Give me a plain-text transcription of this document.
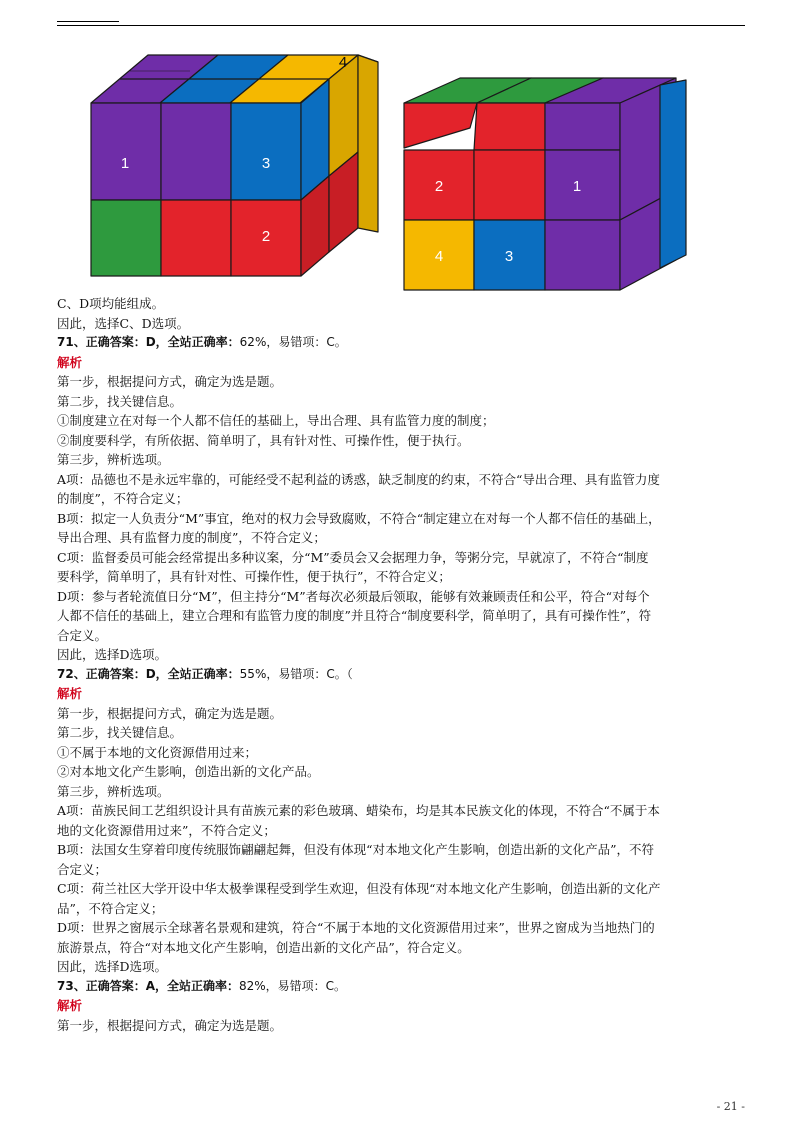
1	3
2
4
2	1
4	3

C、D项均能组成。

因此，选择C、D选项。

71、正确答案：D，全站正确率：62%，易错项：C。

解析

第一步，根据提问方式，确定为选是题。

第二步，找关键信息。

①制度建立在对每一个人都不信任的基础上，导出合理、具有监管力度的制度；

②制度要科学，有所依据、简单明了，具有针对性、可操作性，便于执行。

第三步，辨析选项。

A项：品德也不是永远牢靠的，可能经受不起利益的诱惑，缺乏制度的约束，不符合“导出合理、具有监管力度

的制度”，不符合定义；

B项：拟定一人负责分“M”事宜，绝对的权力会导致腐败，不符合“制定建立在对每一个人都不信任的基础上，

导出合理、具有监督力度的制度”，不符合定义；

C项：监督委员可能会经常提出多种议案，分“M”委员会又会据理力争，等粥分完，早就凉了，不符合“制度

要科学，简单明了，具有针对性、可操作性，便于执行”，不符合定义；

D项：参与者轮流值日分“M”，但主持分“M”者每次必须最后领取，能够有效兼顾责任和公平，符合“对每个

人都不信任的基础上，建立合理和有监管力度的制度”并且符合“制度要科学，简单明了，具有可操作性”，符

合定义。

因此，选择D选项。

72、正确答案：D，全站正确率：55%，易错项：C。（

解析

第一步，根据提问方式，确定为选是题。

第二步，找关键信息。

①不属于本地的文化资源借用过来；

②对本地文化产生影响，创造出新的文化产品。

第三步，辨析选项。

A项：苗族民间工艺组织设计具有苗族元素的彩色玻璃、蜡染布，均是其本民族文化的体现，不符合“不属于本

地的文化资源借用过来”，不符合定义；

B项：法国女生穿着印度传统服饰翩翩起舞，但没有体现“对本地文化产生影响，创造出新的文化产品”，不符

合定义；

C项：荷兰社区大学开设中华太极拳课程受到学生欢迎，但没有体现“对本地文化产生影响，创造出新的文化产

品”，不符合定义；

D项：世界之窗展示全球著名景观和建筑，符合“不属于本地的文化资源借用过来”，世界之窗成为当地热门的

旅游景点，符合“对本地文化产生影响，创造出新的文化产品”，符合定义。

因此，选择D选项。

73、正确答案：A，全站正确率：82%，易错项：C。

解析

第一步，根据提问方式，确定为选是题。

- 21 -
